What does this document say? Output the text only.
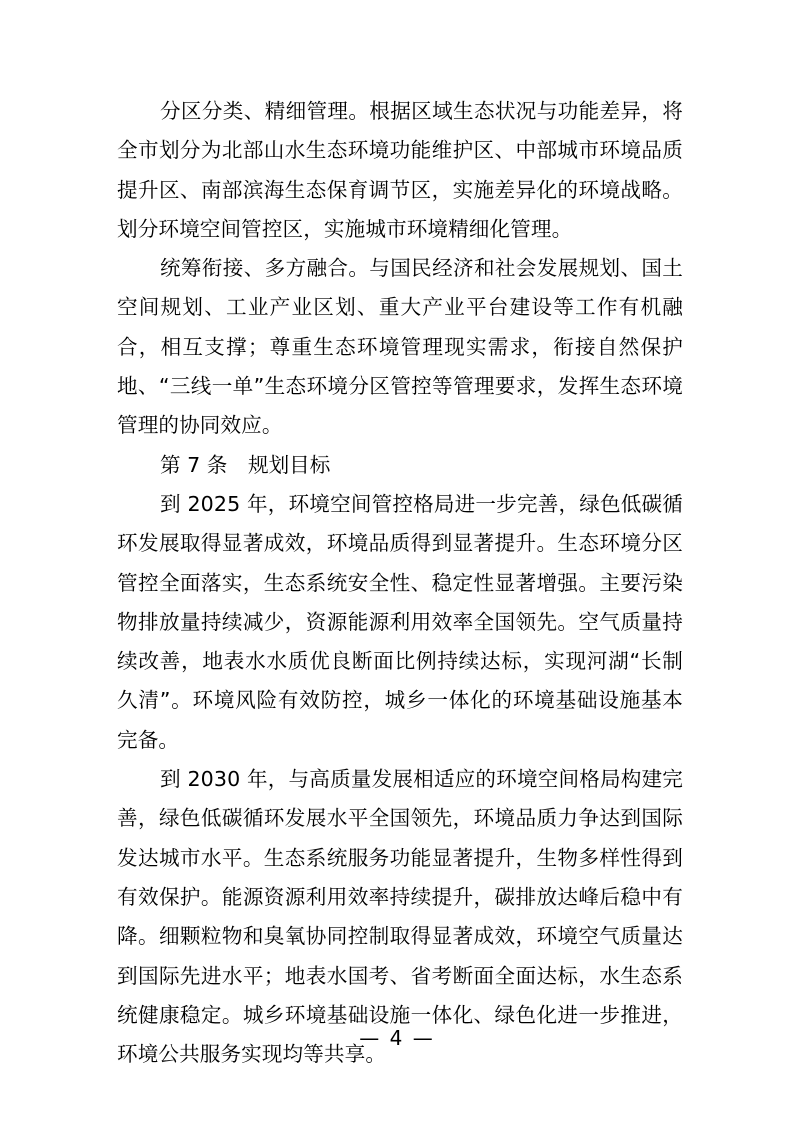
分区分类、精细管理。根据区域生态状况与功能差异，将全市划分为北部山水生态环境功能维护区、中部城市环境品质提升区、南部滨海生态保育调节区，实施差异化的环境战略。划分环境空间管控区，实施城市环境精细化管理。

统筹衔接、多方融合。与国民经济和社会发展规划、国土空间规划、工业产业区划、重大产业平台建设等工作有机融合，相互支撑；尊重生态环境管理现实需求，衔接自然保护地、“三线一单”生态环境分区管控等管理要求，发挥生态环境管理的协同效应。

第 7 条　规划目标

到 2025 年，环境空间管控格局进一步完善，绿色低碳循环发展取得显著成效，环境品质得到显著提升。生态环境分区管控全面落实，生态系统安全性、稳定性显著增强。主要污染物排放量持续减少，资源能源利用效率全国领先。空气质量持续改善，地表水水质优良断面比例持续达标，实现河湖“长制久清”。环境风险有效防控，城乡一体化的环境基础设施基本完备。

到 2030 年，与高质量发展相适应的环境空间格局构建完善，绿色低碳循环发展水平全国领先，环境品质力争达到国际发达城市水平。生态系统服务功能显著提升，生物多样性得到有效保护。能源资源利用效率持续提升，碳排放达峰后稳中有降。细颗粒物和臭氧协同控制取得显著成效，环境空气质量达到国际先进水平；地表水国考、省考断面全面达标，水生态系统健康稳定。城乡环境基础设施一体化、绿色化进一步推进，环境公共服务实现均等共享。

— 4 —
